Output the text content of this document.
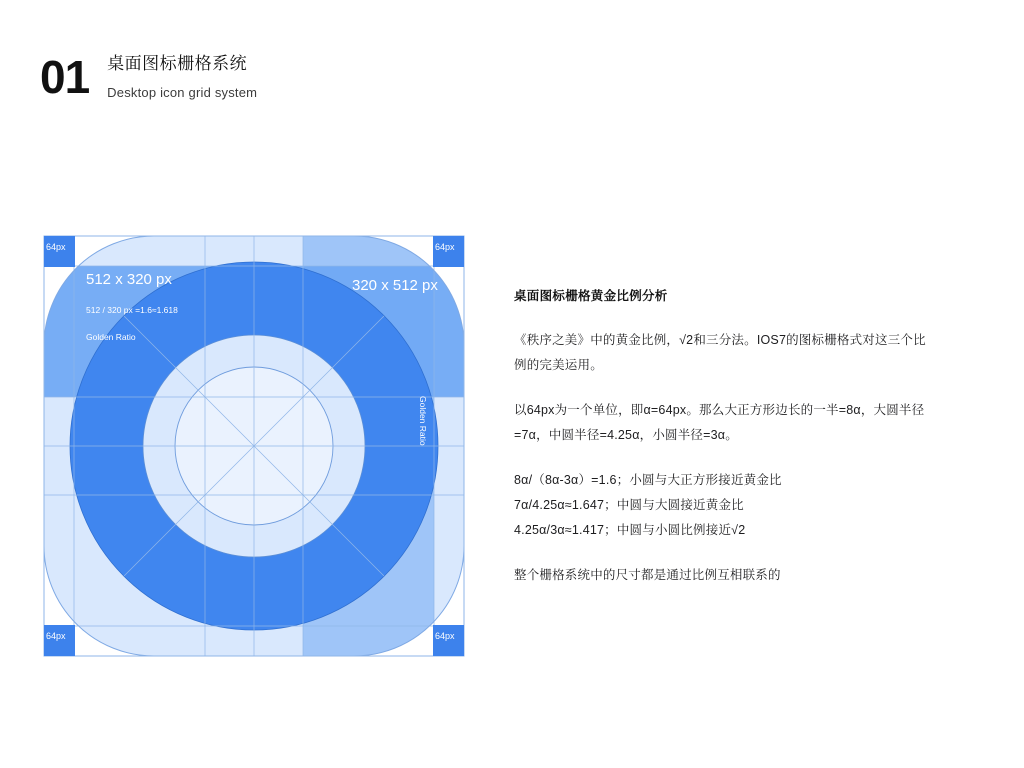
01 桌面图标栅格系统
Desktop icon grid system
64px	64px
64px	64px
512 x 320 px
512 / 320 px =1.6≈1.618
Golden Ratio
320 x 512 px
Golden Ratio
桌面图标栅格黄金比例分析

《秩序之美》中的黄金比例，√2和三分法。IOS7的图标栅格式对这三个比例的完美运用。

以64px为一个单位，即α=64px。那么大正方形边长的一半=8α，大圆半径=7α，中圆半径=4.25α，小圆半径=3α。

8α/（8α-3α）=1.6；小圆与大正方形接近黄金比
7α/4.25α≈1.647；中圆与大圆接近黄金比
4.25α/3α≈1.417；中圆与小圆比例接近√2

整个栅格系统中的尺寸都是通过比例互相联系的
